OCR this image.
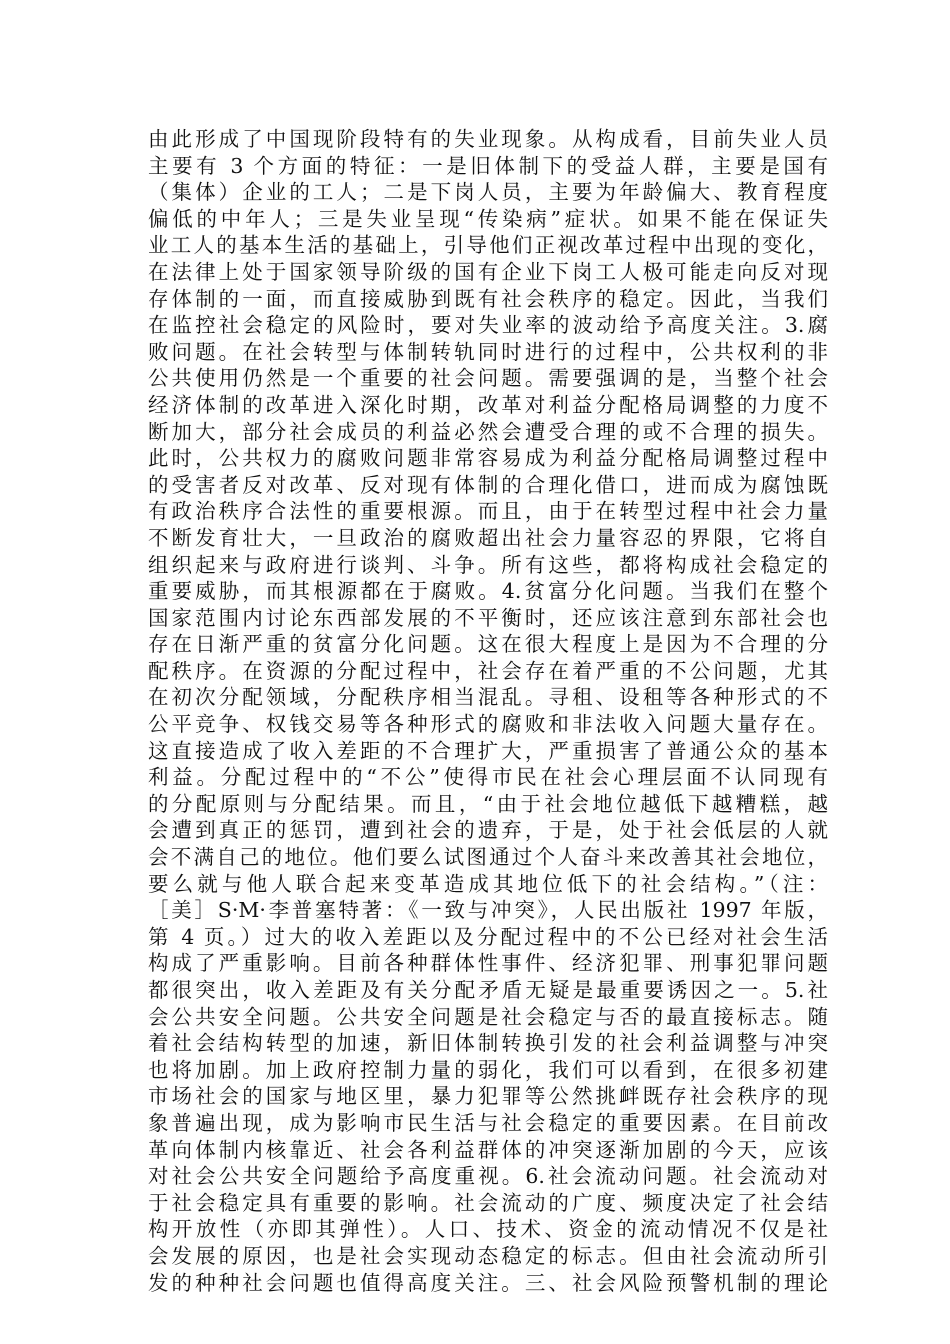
由此形成了中国现阶段特有的失业现象。从构成看，目前失业人员
主要有 3 个方面的特征：一是旧体制下的受益人群，主要是国有
（集体）企业的工人；二是下岗人员，主要为年龄偏大、教育程度
偏低的中年人；三是失业呈现“传染病”症状。如果不能在保证失
业工人的基本生活的基础上，引导他们正视改革过程中出现的变化，
在法律上处于国家领导阶级的国有企业下岗工人极可能走向反对现
存体制的一面，而直接威胁到既有社会秩序的稳定。因此，当我们
在监控社会稳定的风险时，要对失业率的波动给予高度关注。3.腐
败问题。在社会转型与体制转轨同时进行的过程中，公共权利的非
公共使用仍然是一个重要的社会问题。需要强调的是，当整个社会
经济体制的改革进入深化时期，改革对利益分配格局调整的力度不
断加大，部分社会成员的利益必然会遭受合理的或不合理的损失。
此时，公共权力的腐败问题非常容易成为利益分配格局调整过程中
的受害者反对改革、反对现有体制的合理化借口，进而成为腐蚀既
有政治秩序合法性的重要根源。而且，由于在转型过程中社会力量
不断发育壮大，一旦政治的腐败超出社会力量容忍的界限，它将自
组织起来与政府进行谈判、斗争。所有这些，都将构成社会稳定的
重要威胁，而其根源都在于腐败。4.贫富分化问题。当我们在整个
国家范围内讨论东西部发展的不平衡时，还应该注意到东部社会也
存在日渐严重的贫富分化问题。这在很大程度上是因为不合理的分
配秩序。在资源的分配过程中，社会存在着严重的不公问题，尤其
在初次分配领域，分配秩序相当混乱。寻租、设租等各种形式的不
公平竞争、权钱交易等各种形式的腐败和非法收入问题大量存在。
这直接造成了收入差距的不合理扩大，严重损害了普通公众的基本
利益。分配过程中的“不公”使得市民在社会心理层面不认同现有
的分配原则与分配结果。而且，“由于社会地位越低下越糟糕，越
会遭到真正的惩罚，遭到社会的遗弃，于是，处于社会低层的人就
会不满自己的地位。他们要么试图通过个人奋斗来改善其社会地位，
要么就与他人联合起来变革造成其地位低下的社会结构。”（注：
［美］S·M·李普塞特著：《一致与冲突》，人民出版社 1997 年版，
第 4 页。）过大的收入差距以及分配过程中的不公已经对社会生活
构成了严重影响。目前各种群体性事件、经济犯罪、刑事犯罪问题
都很突出，收入差距及有关分配矛盾无疑是最重要诱因之一。5.社
会公共安全问题。公共安全问题是社会稳定与否的最直接标志。随
着社会结构转型的加速，新旧体制转换引发的社会利益调整与冲突
也将加剧。加上政府控制力量的弱化，我们可以看到，在很多初建
市场社会的国家与地区里，暴力犯罪等公然挑衅既存社会秩序的现
象普遍出现，成为影响市民生活与社会稳定的重要因素。在目前改
革向体制内核靠近、社会各利益群体的冲突逐渐加剧的今天，应该
对社会公共安全问题给予高度重视。6.社会流动问题。社会流动对
于社会稳定具有重要的影响。社会流动的广度、频度决定了社会结
构开放性（亦即其弹性）。人口、技术、资金的流动情况不仅是社
会发展的原因，也是社会实现动态稳定的标志。但由社会流动所引
发的种种社会问题也值得高度关注。三、社会风险预警机制的理论
